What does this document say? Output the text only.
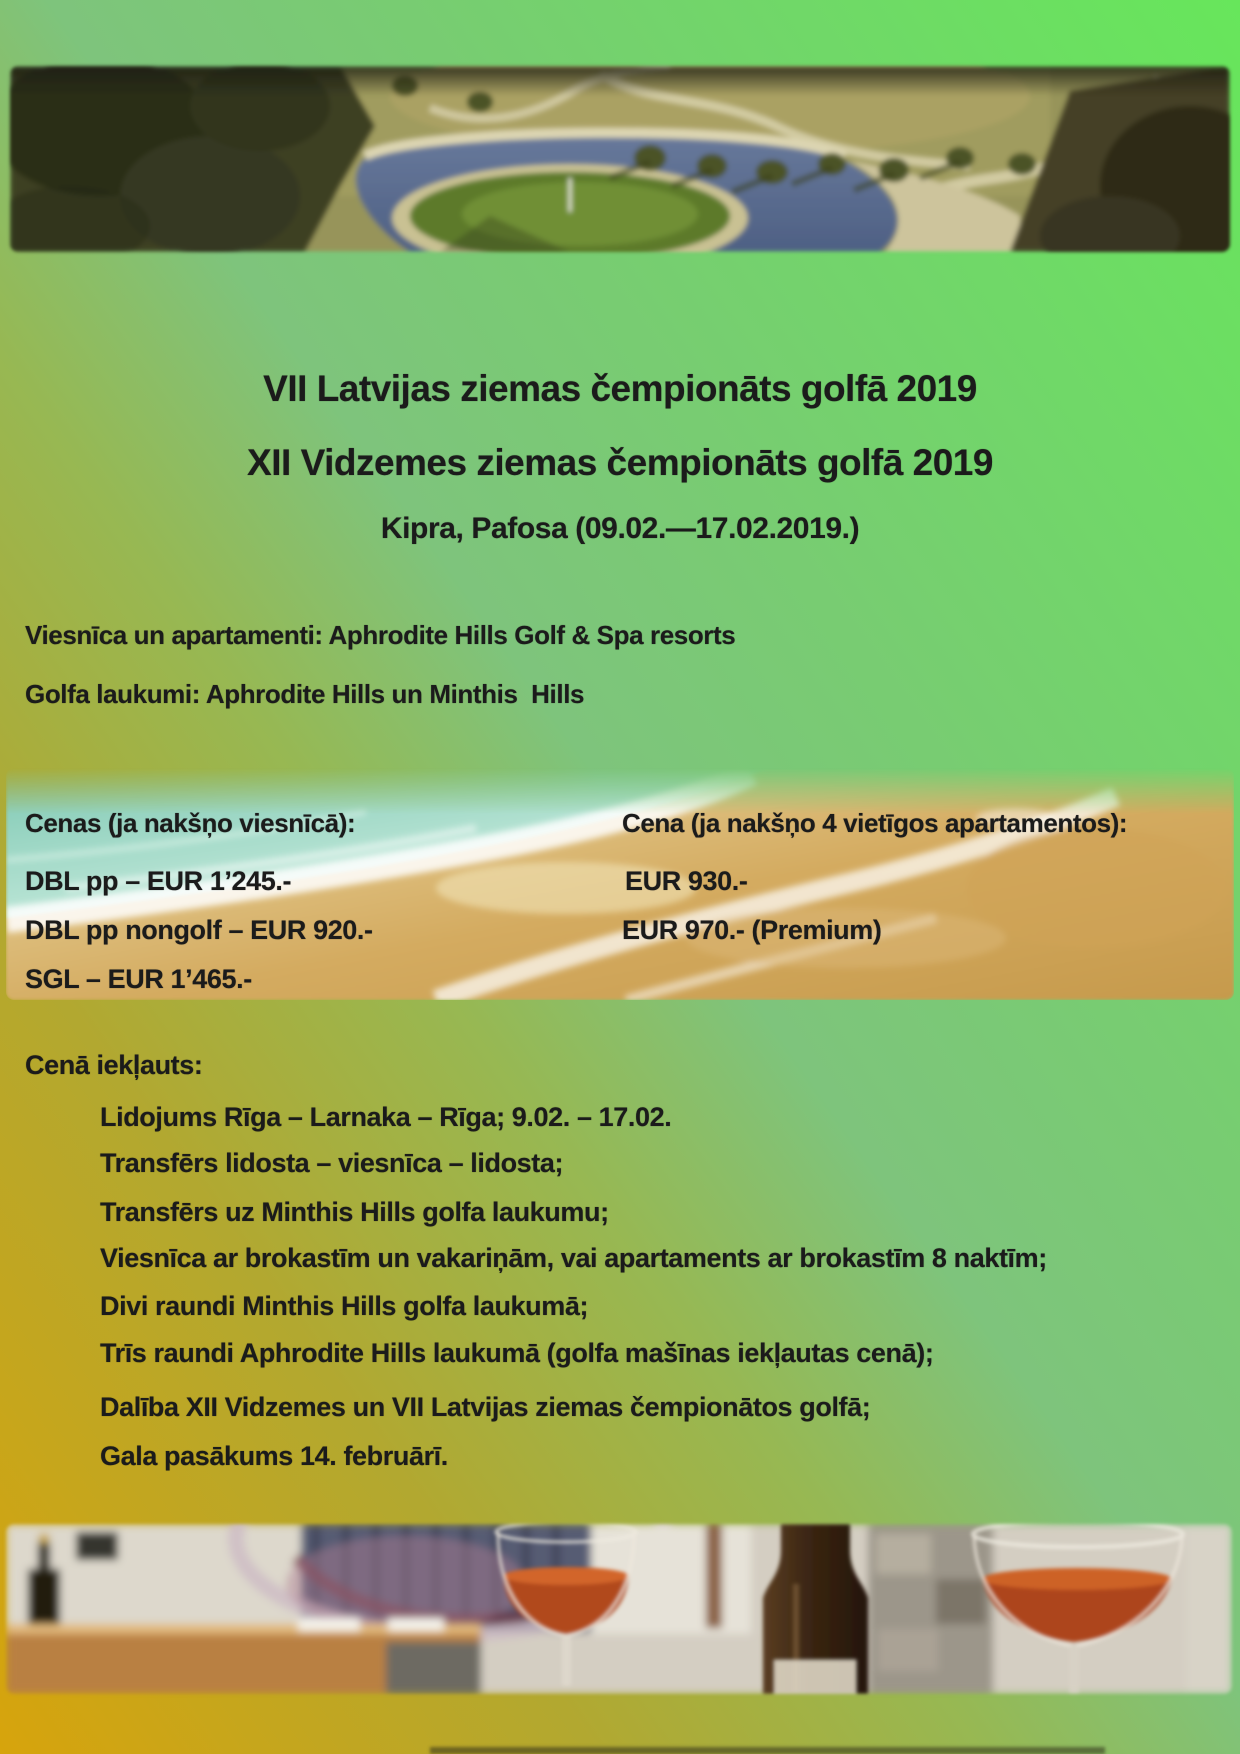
VII Latvijas ziemas čempionāts golfā 2019
XII Vidzemes ziemas čempionāts golfā 2019
Kipra, Pafosa (09.02.—17.02.2019.)
Viesnīca un apartamenti: Aphrodite Hills Golf & Spa resorts
Golfa laukumi: Aphrodite Hills un Minthis  Hills
Cenas (ja nakšņo viesnīcā):	Cena (ja nakšņo 4 vietīgos apartamentos):
DBL pp – EUR 1’245.-
DBL pp nongolf – EUR 920.-
SGL – EUR 1’465.-
EUR 930.-
EUR 970.- (Premium)
Cenā iekļauts:
Lidojums Rīga – Larnaka – Rīga; 9.02. – 17.02.
Transfērs lidosta – viesnīca – lidosta;
Transfērs uz Minthis Hills golfa laukumu;
Viesnīca ar brokastīm un vakariņām, vai apartaments ar brokastīm 8 naktīm;
Divi raundi Minthis Hills golfa laukumā;
Trīs raundi Aphrodite Hills laukumā (golfa mašīnas iekļautas cenā);
Dalība XII Vidzemes un VII Latvijas ziemas čempionātos golfā;
Gala pasākums 14. februārī.
